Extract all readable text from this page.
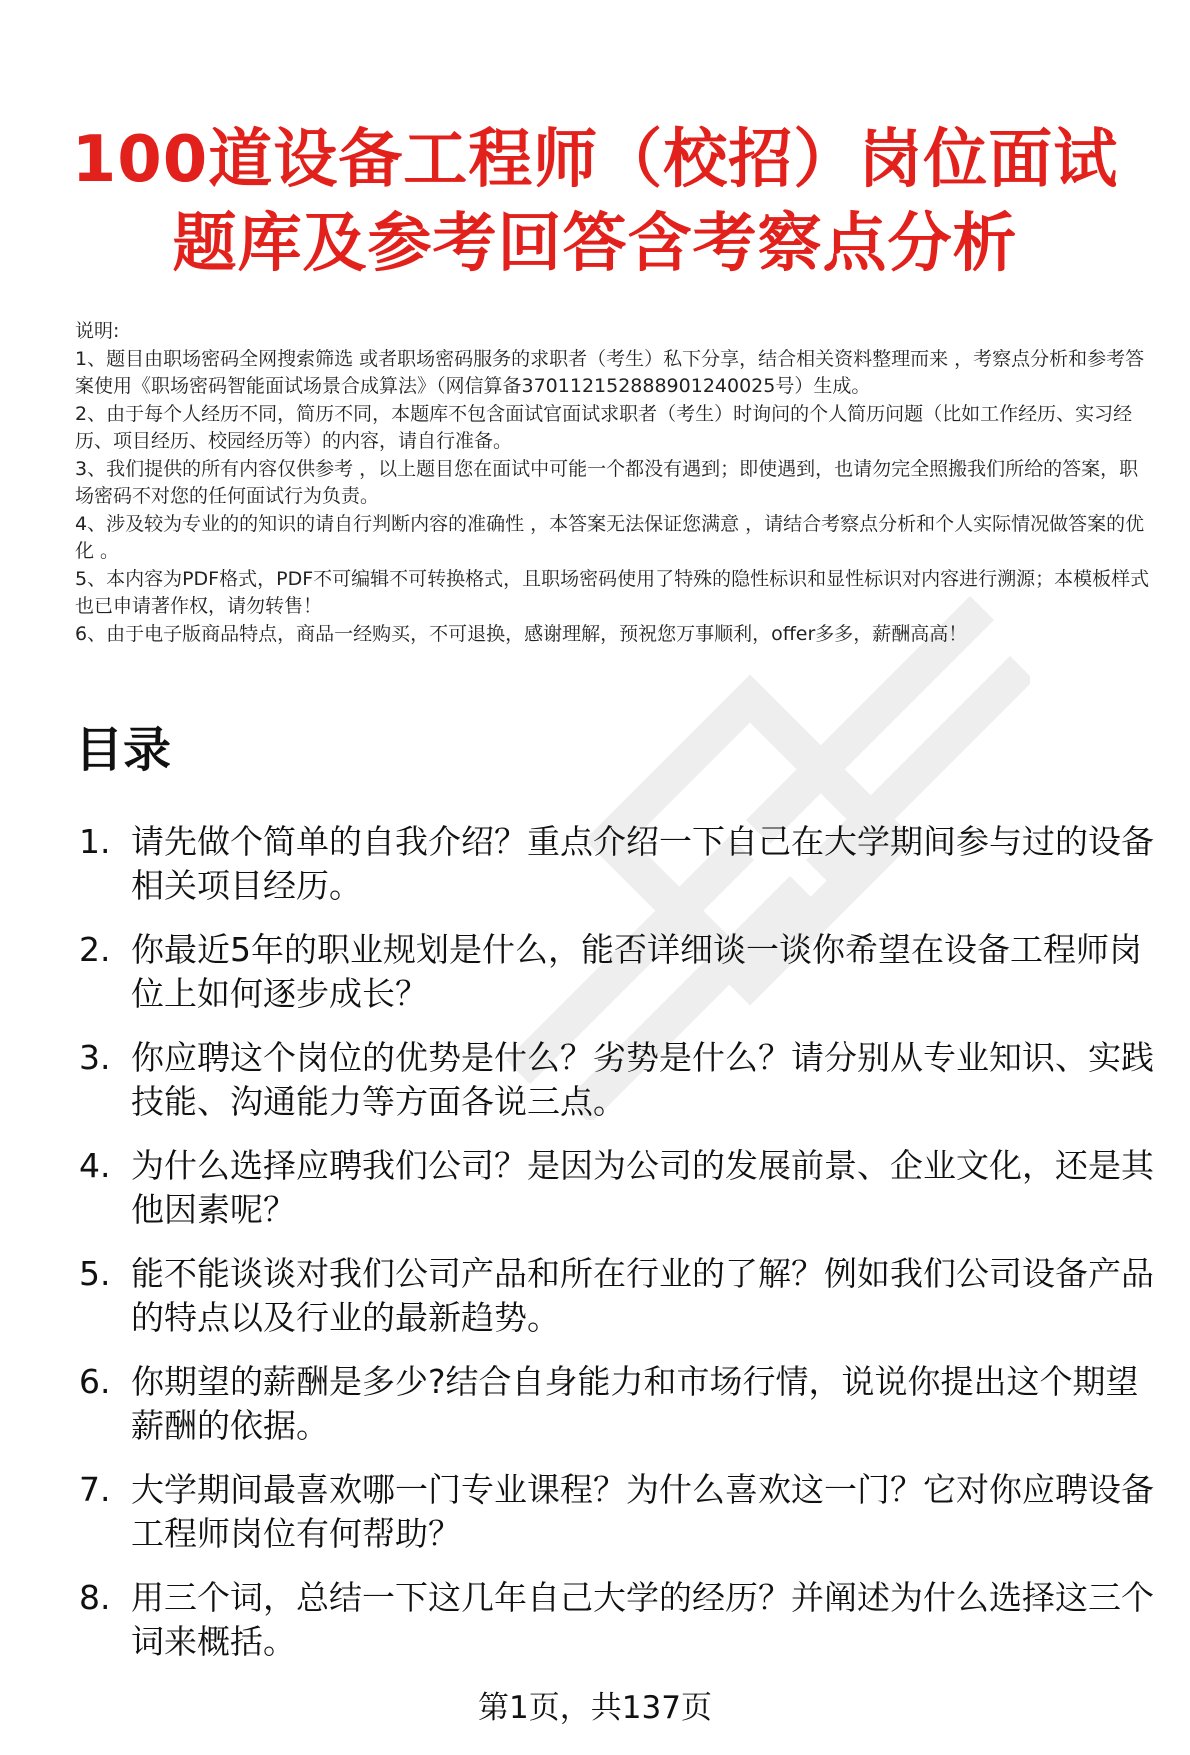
100道设备工程师（校招）岗位面试
题库及参考回答含考察点分析
说明:
1、题目由职场密码全网搜索筛选 或者职场密码服务的求职者（考生）私下分享，结合相关资料整理而来 ，考察点分析和参考答案使用《职场密码智能面试场景合成算法》（网信算备370112152888901240025号）生成。
2、由于每个人经历不同，简历不同，本题库不包含面试官面试求职者（考生）时询问的个人简历问题（比如工作经历、实习经历、项目经历、校园经历等）的内容，请自行准备。
3、我们提供的所有内容仅供参考 ，以上题目您在面试中可能一个都没有遇到；即使遇到，也请勿完全照搬我们所给的答案，职场密码不对您的任何面试行为负责。
4、涉及较为专业的的知识的请自行判断内容的准确性 ，本答案无法保证您满意 ，请结合考察点分析和个人实际情况做答案的优化 。
5、本内容为PDF格式，PDF不可编辑不可转换格式，且职场密码使用了特殊的隐性标识和显性标识对内容进行溯源；本模板样式也已申请著作权，请勿转售！
6、由于电子版商品特点，商品一经购买，不可退换，感谢理解，预祝您万事顺利，offer多多，薪酬高高！
目录
1. 请先做个简单的自我介绍？重点介绍一下自己在大学期间参与过的设备相关项目经历。
2. 你最近5年的职业规划是什么，能否详细谈一谈你希望在设备工程师岗位上如何逐步成长？
3. 你应聘这个岗位的优势是什么？劣势是什么？请分别从专业知识、实践技能、沟通能力等方面各说三点。
4. 为什么选择应聘我们公司？是因为公司的发展前景、企业文化，还是其他因素呢？
5. 能不能谈谈对我们公司产品和所在行业的了解？例如我们公司设备产品的特点以及行业的最新趋势。
6. 你期望的薪酬是多少?结合自身能力和市场行情，说说你提出这个期望薪酬的依据。
7. 大学期间最喜欢哪一门专业课程？为什么喜欢这一门？它对你应聘设备工程师岗位有何帮助？
8. 用三个词，总结一下这几年自己大学的经历？并阐述为什么选择这三个词来概括。
第1页，共137页
